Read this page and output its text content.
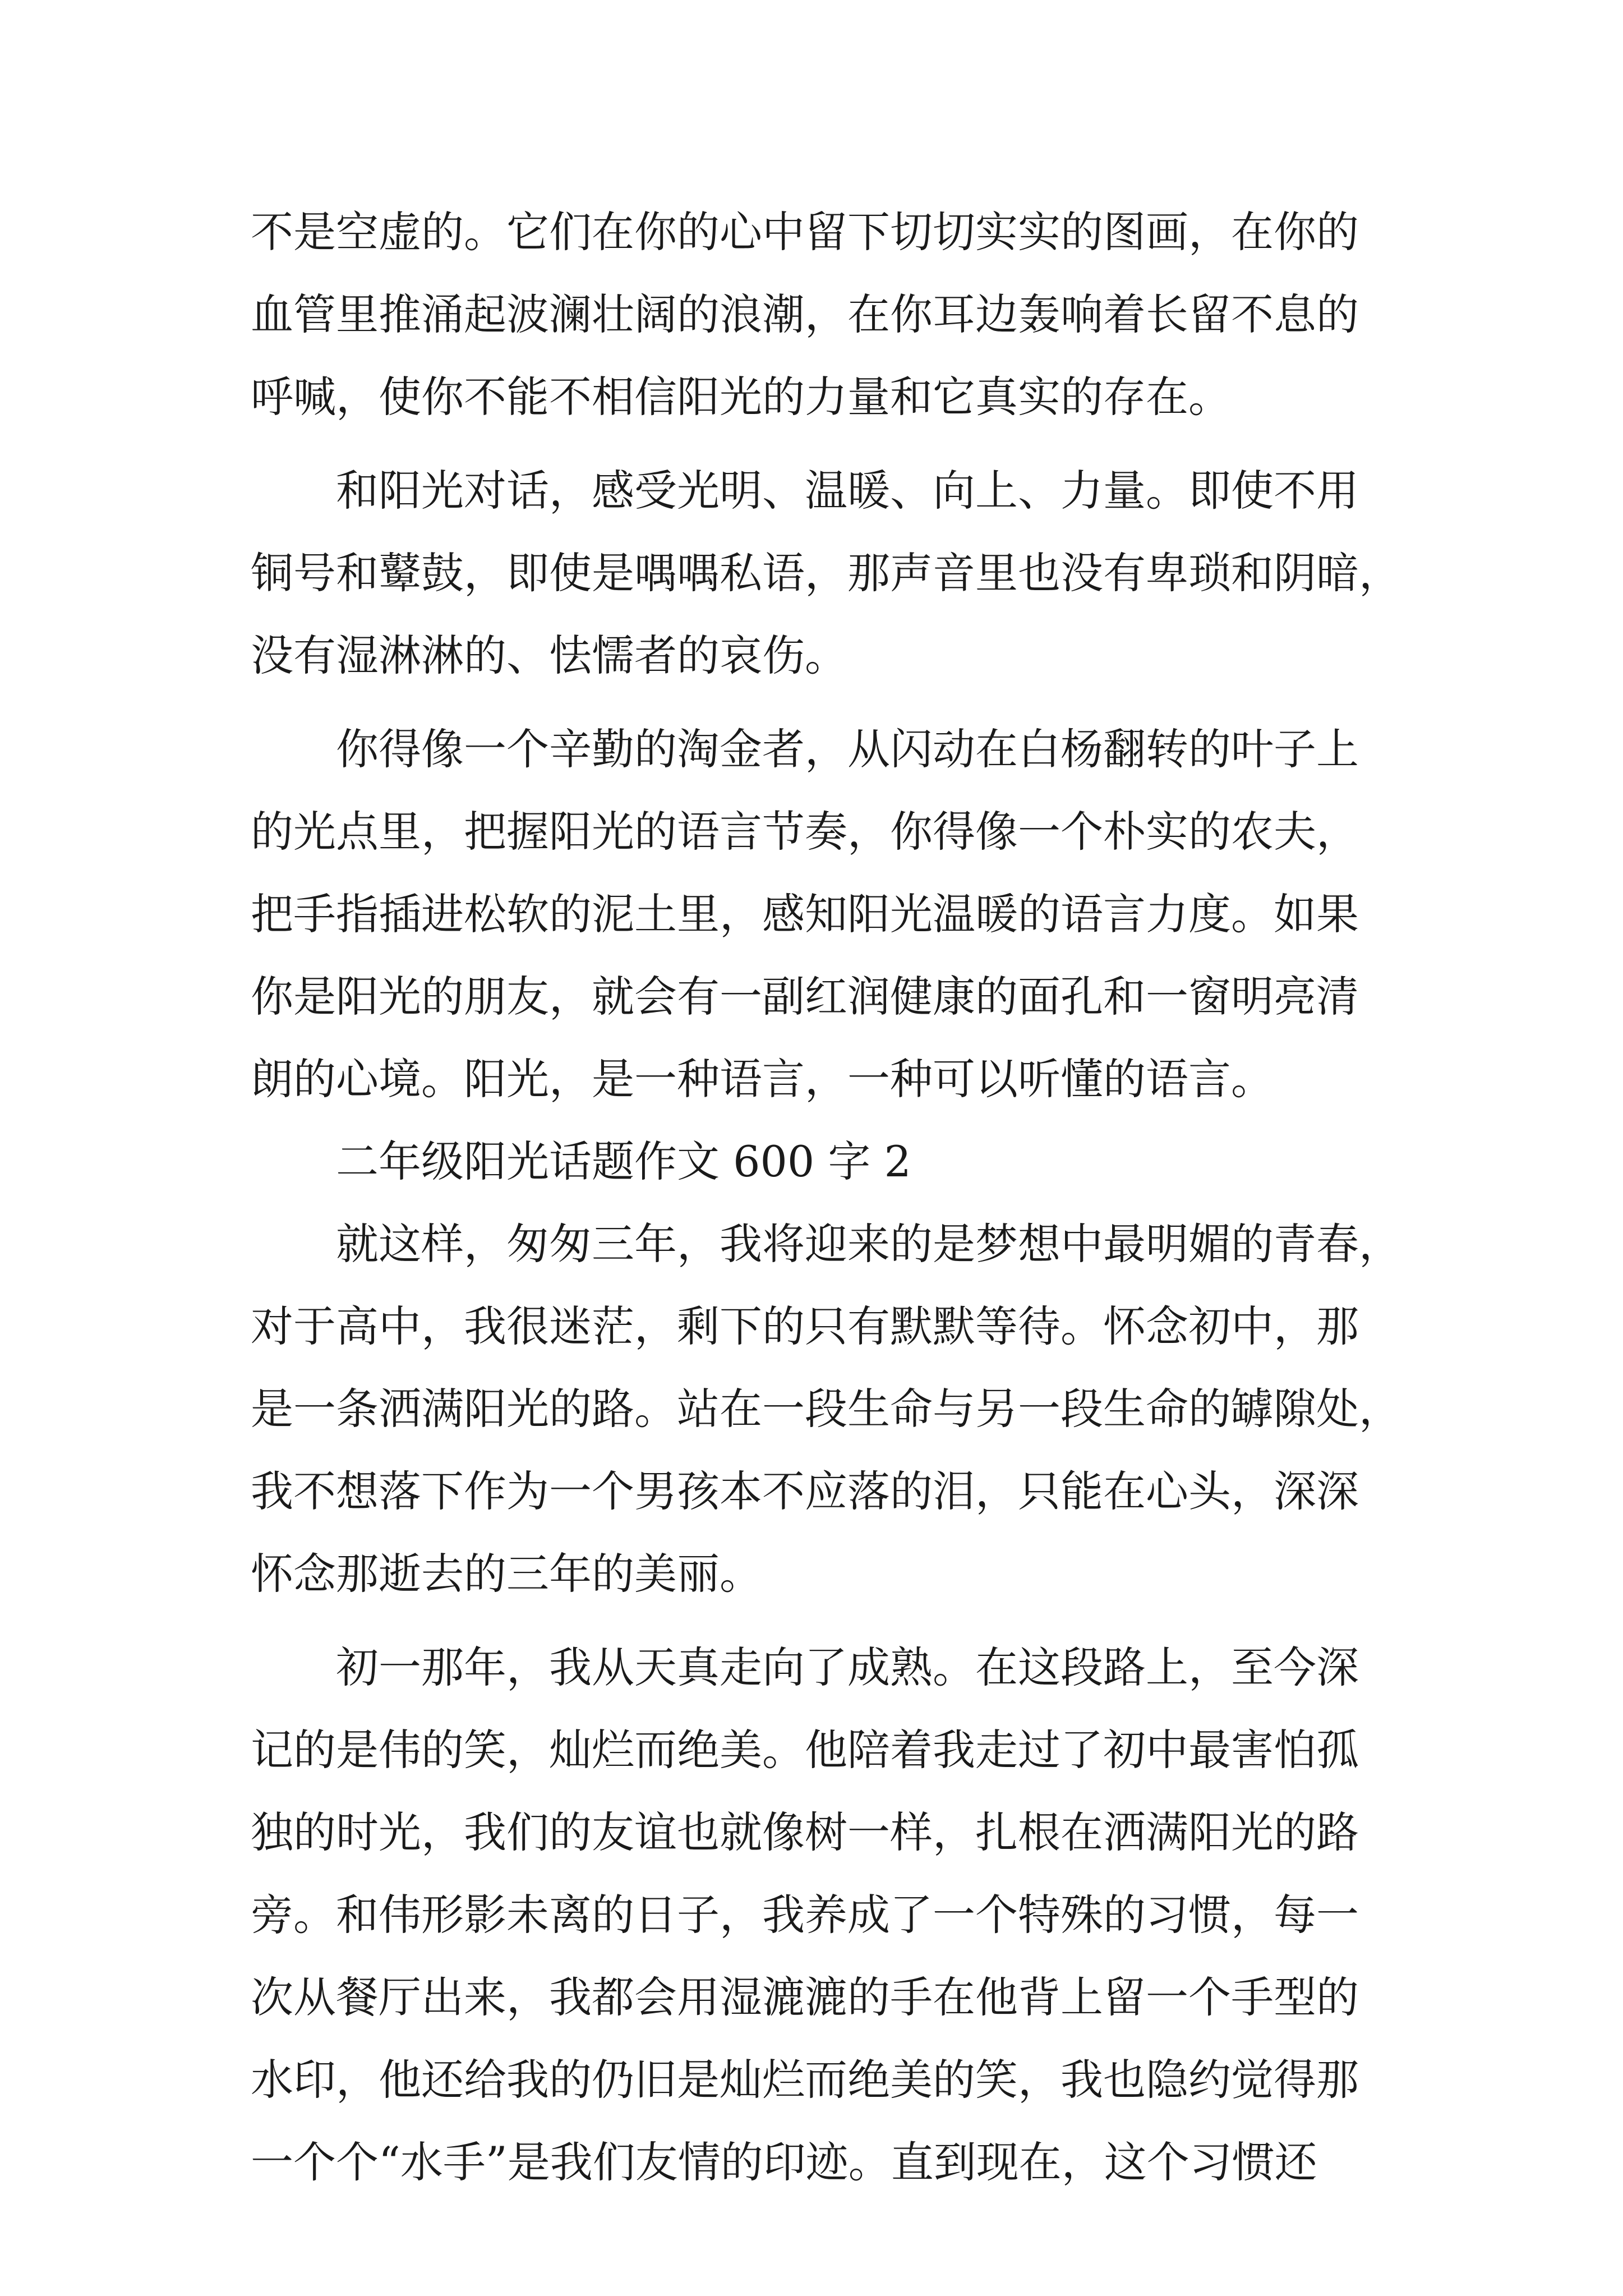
不是空虚的。它们在你的心中留下切切实实的图画，在你的
血管里推涌起波澜壮阔的浪潮，在你耳边轰响着长留不息的
呼喊，使你不能不相信阳光的力量和它真实的存在。
和阳光对话，感受光明、温暖、向上、力量。即使不用
铜号和鼙鼓，即使是喁喁私语，那声音里也没有卑琐和阴暗，
没有湿淋淋的、怯懦者的哀伤。
你得像一个辛勤的淘金者，从闪动在白杨翻转的叶子上
的光点里，把握阳光的语言节奏，你得像一个朴实的农夫，
把手指插进松软的泥土里，感知阳光温暖的语言力度。如果
你是阳光的朋友，就会有一副红润健康的面孔和一窗明亮清
朗的心境。阳光，是一种语言，一种可以听懂的语言。
二年级阳光话题作文 600 字 2
就这样，匆匆三年，我将迎来的是梦想中最明媚的青春，
对于高中，我很迷茫，剩下的只有默默等待。怀念初中，那
是一条洒满阳光的路。站在一段生命与另一段生命的罅隙处，
我不想落下作为一个男孩本不应落的泪，只能在心头，深深
怀念那逝去的三年的美丽。
初一那年，我从天真走向了成熟。在这段路上，至今深
记的是伟的笑，灿烂而绝美。他陪着我走过了初中最害怕孤
独的时光，我们的友谊也就像树一样，扎根在洒满阳光的路
旁。和伟形影未离的日子，我养成了一个特殊的习惯，每一
次从餐厅出来，我都会用湿漉漉的手在他背上留一个手型的
水印，他还给我的仍旧是灿烂而绝美的笑，我也隐约觉得那
一个个“水手”是我们友情的印迹。直到现在，这个习惯还
